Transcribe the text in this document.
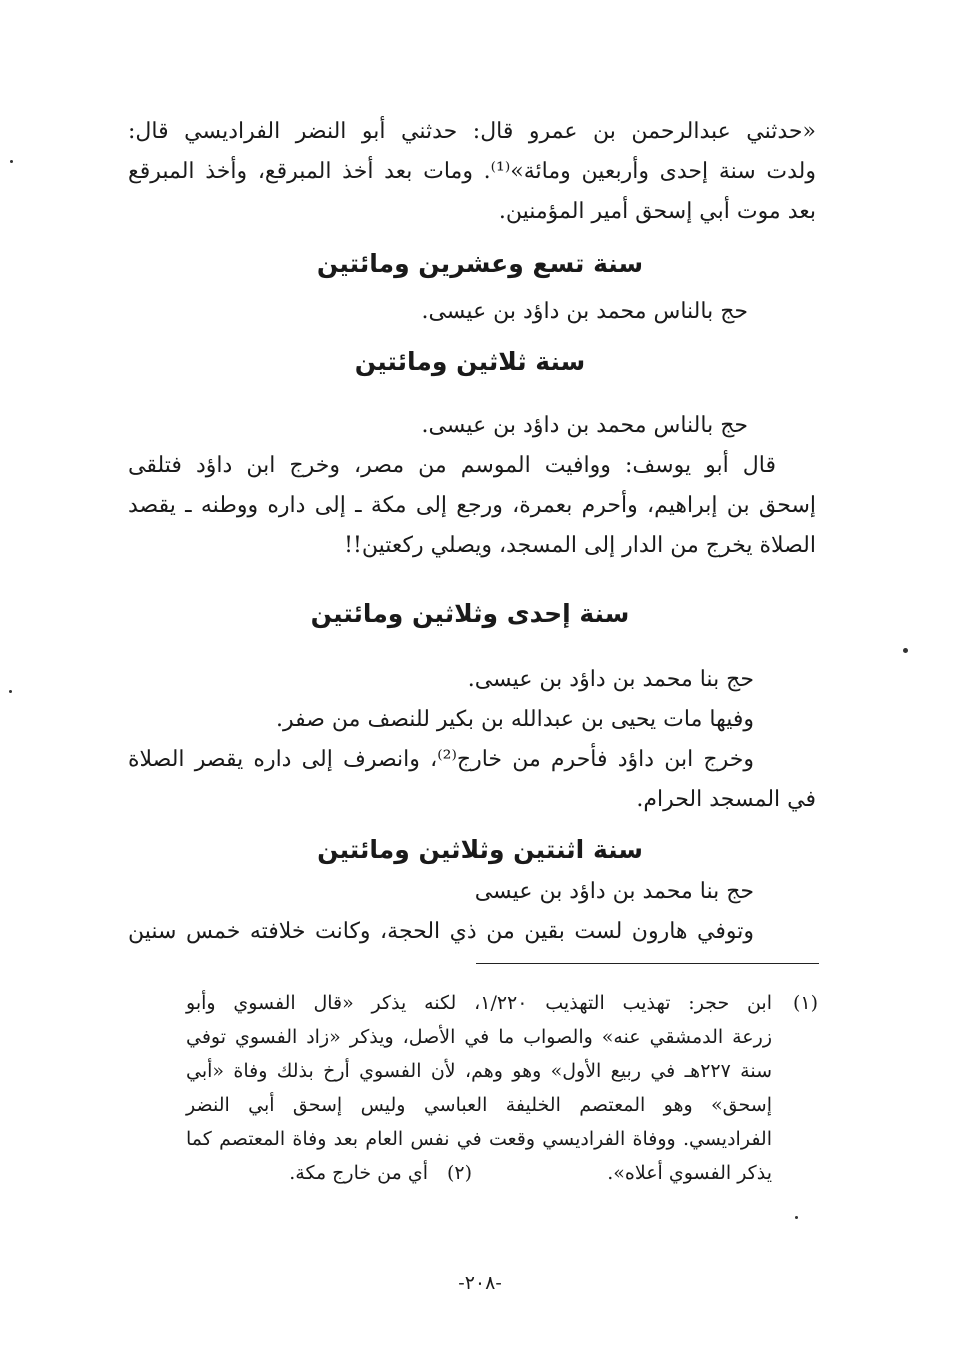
«حدثني عبدالرحمن بن عمرو قال: حدثني أبو النضر الفراديسي قال:
ولدت سنة إحدى وأربعين ومائة»⁽¹⁾. ومات بعد أخذ المبرقع، وأخذ المبرقع
بعد موت أبي إسحق أمير المؤمنين.
سنة تسع وعشرين ومائتين
حج بالناس محمد بن داؤد بن عيسى.
سنة ثلاثين ومائتين
حج بالناس محمد بن داؤد بن عيسى.
قال أبو يوسف: ووافيت الموسم من مصر، وخرج ابن داؤد فتلقى
إسحق بن إبراهيم، وأحرم بعمرة، ورجع إلى مكة ـ إلى داره ووطنه ـ يقصد
الصلاة يخرج من الدار إلى المسجد، ويصلي ركعتين!!
سنة إحدى وثلاثين ومائتين
حج بنا محمد بن داؤد بن عيسى.
وفيها مات يحيى بن عبدالله بن بكير للنصف من صفر.
وخرج ابن داؤد فأحرم من خارج⁽²⁾، وانصرف إلى داره يقصر الصلاة
في المسجد الحرام.
سنة اثنتين وثلاثين ومائتين
حج بنا محمد بن داؤد بن عيسى
وتوفي هارون لست بقين من ذي الحجة، وكانت خلافته خمس سنين
(١)
ابن حجر: تهذيب التهذيب ١/٢٢٠، لكنه يذكر «قال الفسوي وأبو
زرعة الدمشقي عنه» والصواب ما في الأصل، ويذكر «زاد الفسوي توفي
سنة ٢٢٧هـ في ربيع الأول» وهو وهم، لأن الفسوي أرخ بذلك وفاة «أبي
إسحق» وهو المعتصم الخليفة العباسي وليس إسحق أبي النضر
الفراديسي. ووفاة الفراديسي وقعت في نفس العام بعد وفاة المعتصم كما
يذكر الفسوي أعلاه».
(٢)
أي من خارج مكة.
-٢٠٨-
